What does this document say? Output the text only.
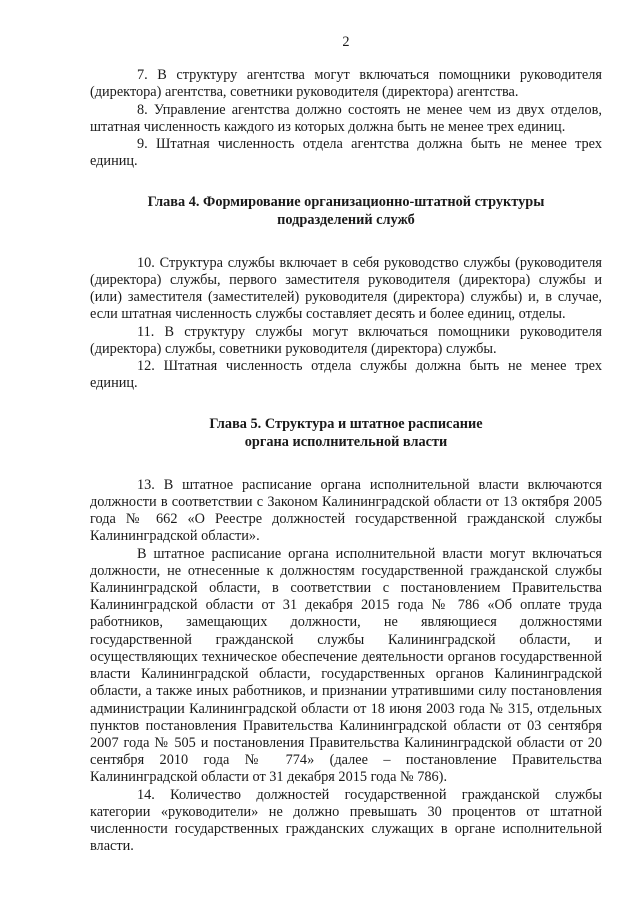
2

7. В структуру агентства могут включаться помощники руководителя (директора) агентства, советники руководителя (директора) агентства.

8. Управление агентства должно состоять не менее чем из двух отделов, штатная численность каждого из которых должна быть не менее трех единиц.

9. Штатная численность отдела агентства должна быть не менее трех единиц.

Глава 4. Формирование организационно-штатной структуры
подразделений служб

10. Структура службы включает в себя руководство службы (руководителя (директора) службы, первого заместителя руководителя (директора) службы и (или) заместителя (заместителей) руководителя (директора) службы) и, в случае, если штатная численность службы составляет десять и более единиц, отделы.

11. В структуру службы могут включаться помощники руководителя (директора) службы, советники руководителя (директора) службы.

12. Штатная численность отдела службы должна быть не менее трех единиц.

Глава 5. Структура и штатное расписание
органа исполнительной власти

13. В штатное расписание органа исполнительной власти включаются должности в соответствии с Законом Калининградской области от 13 октября 2005 года № 662 «О Реестре должностей государственной гражданской службы Калининградской области».

В штатное расписание органа исполнительной власти могут включаться должности, не отнесенные к должностям государственной гражданской службы Калининградской области, в соответствии с постановлением Правительства Калининградской области от 31 декабря 2015 года № 786 «Об оплате труда работников, замещающих должности, не являющиеся должностями государственной гражданской службы Калининградской области, и осуществляющих техническое обеспечение деятельности органов государственной власти Калининградской области, государственных органов Калининградской области, а также иных работников, и признании утратившими силу постановления администрации Калининградской области от 18 июня 2003 года № 315, отдельных пунктов постановления Правительства Калининградской области от 03 сентября 2007 года № 505 и постановления Правительства Калининградской области от 20 сентября 2010 года № 774» (далее – постановление Правительства Калининградской области от 31 декабря 2015 года № 786).

14. Количество должностей государственной гражданской службы категории «руководители» не должно превышать 30 процентов от штатной численности государственных гражданских служащих в органе исполнительной власти.
